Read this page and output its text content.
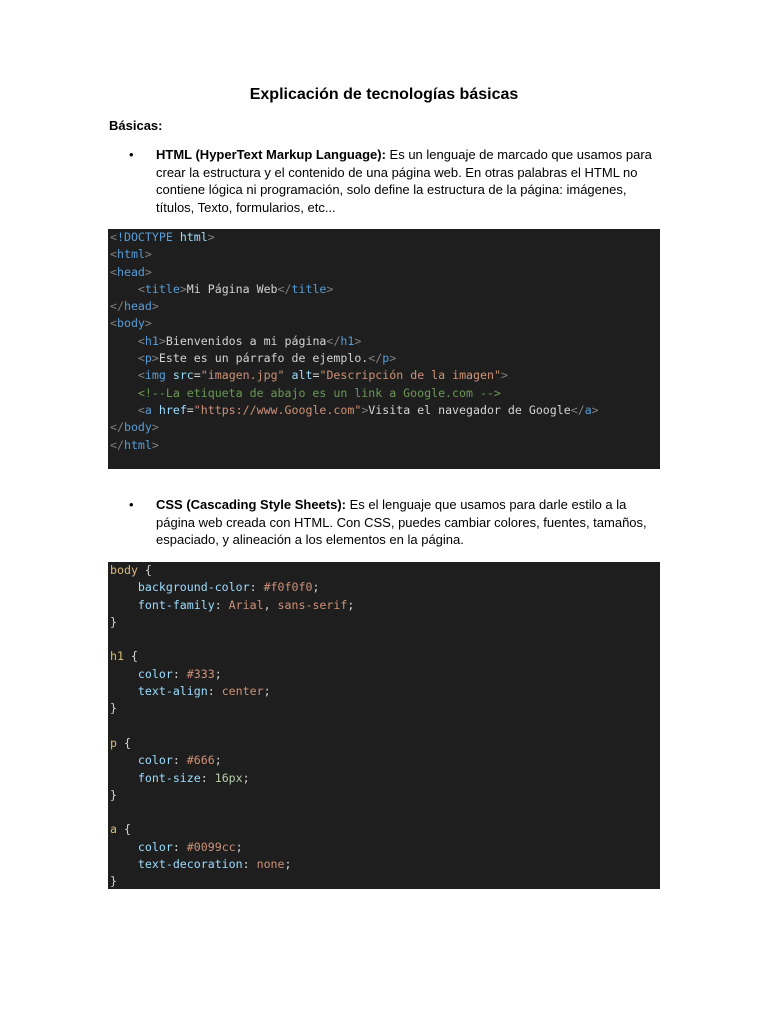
Explicación de tecnologías básicas
Básicas:
• HTML (HyperText Markup Language): Es un lenguaje de marcado que usamos para crear la estructura y el contenido de una página web. En otras palabras el HTML no contiene lógica ni programación, solo define la estructura de la página: imágenes, títulos, Texto, formularios, etc...
<!DOCTYPE html>
<html>
<head>
<title>Mi Página Web</title>
</head>
<body>
<h1>Bienvenidos a mi página</h1>
<p>Este es un párrafo de ejemplo.</p>
<img src="imagen.jpg" alt="Descripción de la imagen">
<!--La etiqueta de abajo es un link a Google.com -->
<a href="https://www.Google.com">Visita el navegador de Google</a>
</body>
</html>
• CSS (Cascading Style Sheets): Es el lenguaje que usamos para darle estilo a la página web creada con HTML. Con CSS, puedes cambiar colores, fuentes, tamaños, espaciado, y alineación a los elementos en la página.
body {
background-color: #f0f0f0;
font-family: Arial, sans-serif;
}
h1 {
color: #333;
text-align: center;
}
p {
color: #666;
font-size: 16px;
}
a {
color: #0099cc;
text-decoration: none;
}
